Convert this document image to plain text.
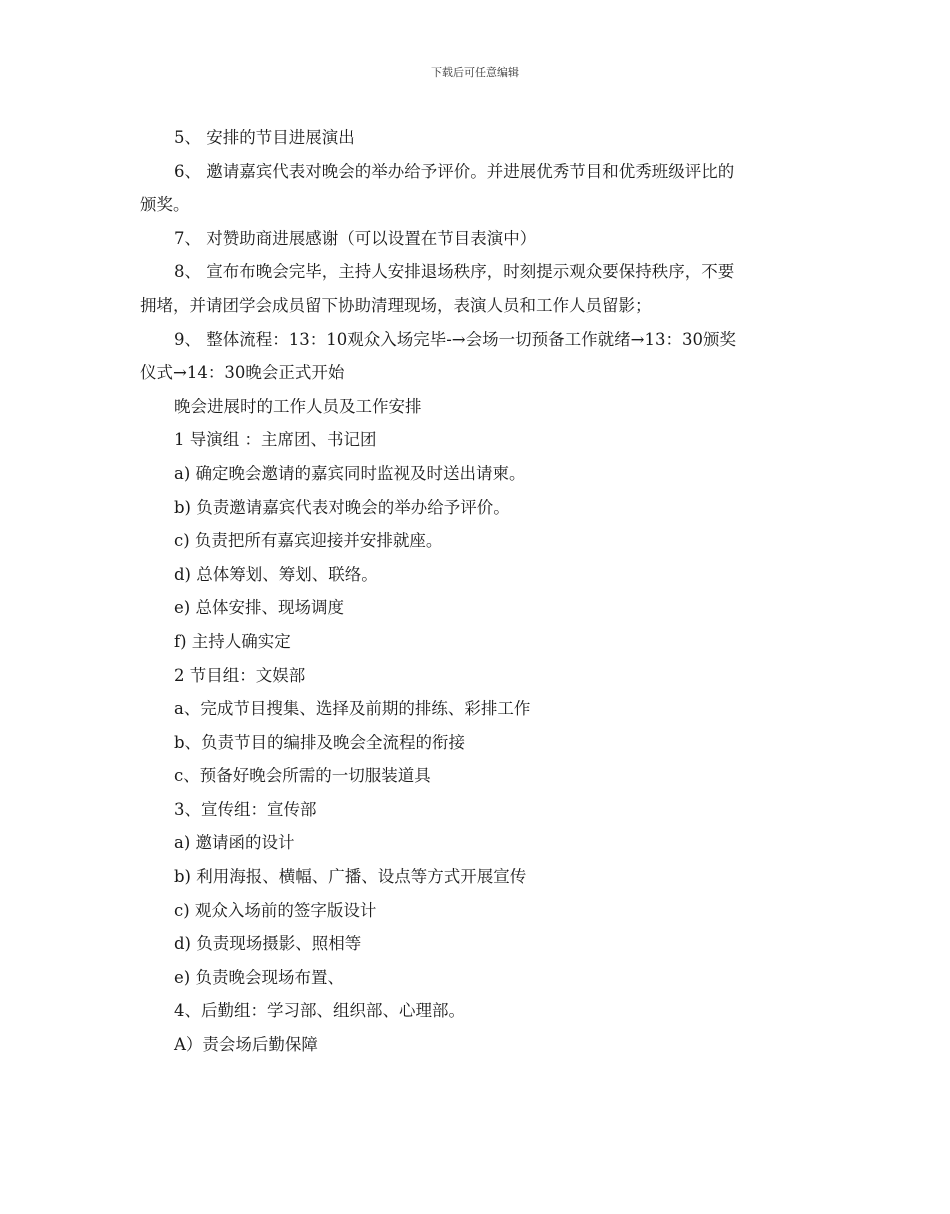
下载后可任意编辑

5、 安排的节目进展演出

6、 邀请嘉宾代表对晚会的举办给予评价。并进展优秀节目和优秀班级评比的
颁奖。

7、 对赞助商进展感谢（可以设置在节目表演中）

8、 宣布布晚会完毕，主持人安排退场秩序，时刻提示观众要保持秩序，不要
拥堵，并请团学会成员留下协助清理现场，表演人员和工作人员留影；

9、 整体流程：13：10观众入场完毕-→会场一切预备工作就绪→13：30颁奖
仪式→14：30晚会正式开始

晚会进展时的工作人员及工作安排

1 导演组 ：主席团、书记团

a) 确定晚会邀请的嘉宾同时监视及时送出请柬。

b) 负责邀请嘉宾代表对晚会的举办给予评价。

c) 负责把所有嘉宾迎接并安排就座。

d) 总体筹划、筹划、联络。

e) 总体安排、现场调度

f) 主持人确实定

2 节目组：文娱部

a、完成节目搜集、选择及前期的排练、彩排工作

b、负责节目的编排及晚会全流程的衔接

c、预备好晚会所需的一切服装道具

3、宣传组：宣传部

a) 邀请函的设计

b) 利用海报、横幅、广播、设点等方式开展宣传

c) 观众入场前的签字版设计

d) 负责现场摄影、照相等

e) 负责晚会现场布置、

4、后勤组：学习部、组织部、心理部。

A）责会场后勤保障
